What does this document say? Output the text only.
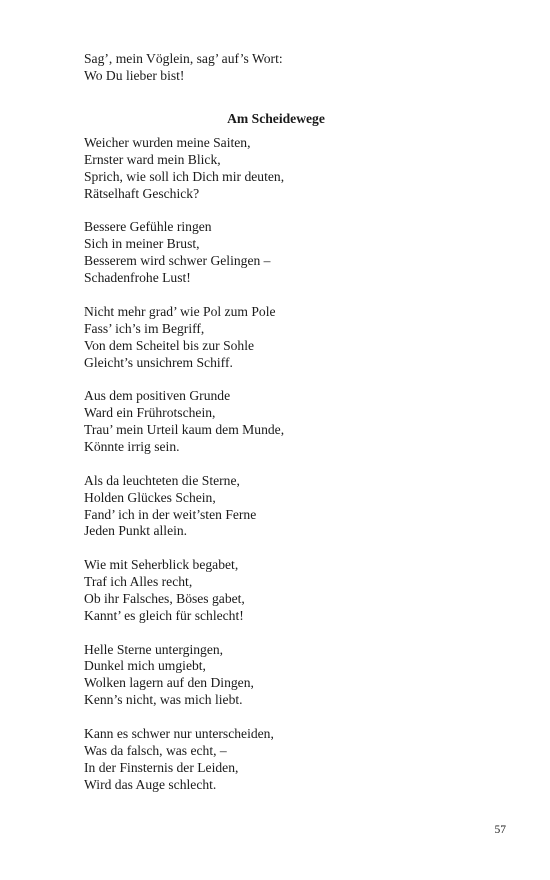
Sag’, mein Vöglein, sag’ auf’s Wort:
Wo Du lieber bist!
Am Scheidewege
Weicher wurden meine Saiten,
Ernster ward mein Blick,
Sprich, wie soll ich Dich mir deuten,
Rätselhaft Geschick?
Bessere Gefühle ringen
Sich in meiner Brust,
Besserem wird schwer Gelingen –
Schadenfrohe Lust!
Nicht mehr grad’ wie Pol zum Pole
Fass’ ich’s im Begriff,
Von dem Scheitel bis zur Sohle
Gleicht’s unsichrem Schiff.
Aus dem positiven Grunde
Ward ein Frührotschein,
Trau’ mein Urteil kaum dem Munde,
Könnte irrig sein.
Als da leuchteten die Sterne,
Holden Glückes Schein,
Fand’ ich in der weit’sten Ferne
Jeden Punkt allein.
Wie mit Seherblick begabet,
Traf ich Alles recht,
Ob ihr Falsches, Böses gabet,
Kannt’ es gleich für schlecht!
Helle Sterne untergingen,
Dunkel mich umgiebt,
Wolken lagern auf den Dingen,
Kenn’s nicht, was mich liebt.
Kann es schwer nur unterscheiden,
Was da falsch, was echt, –
In der Finsternis der Leiden,
Wird das Auge schlecht.
57
